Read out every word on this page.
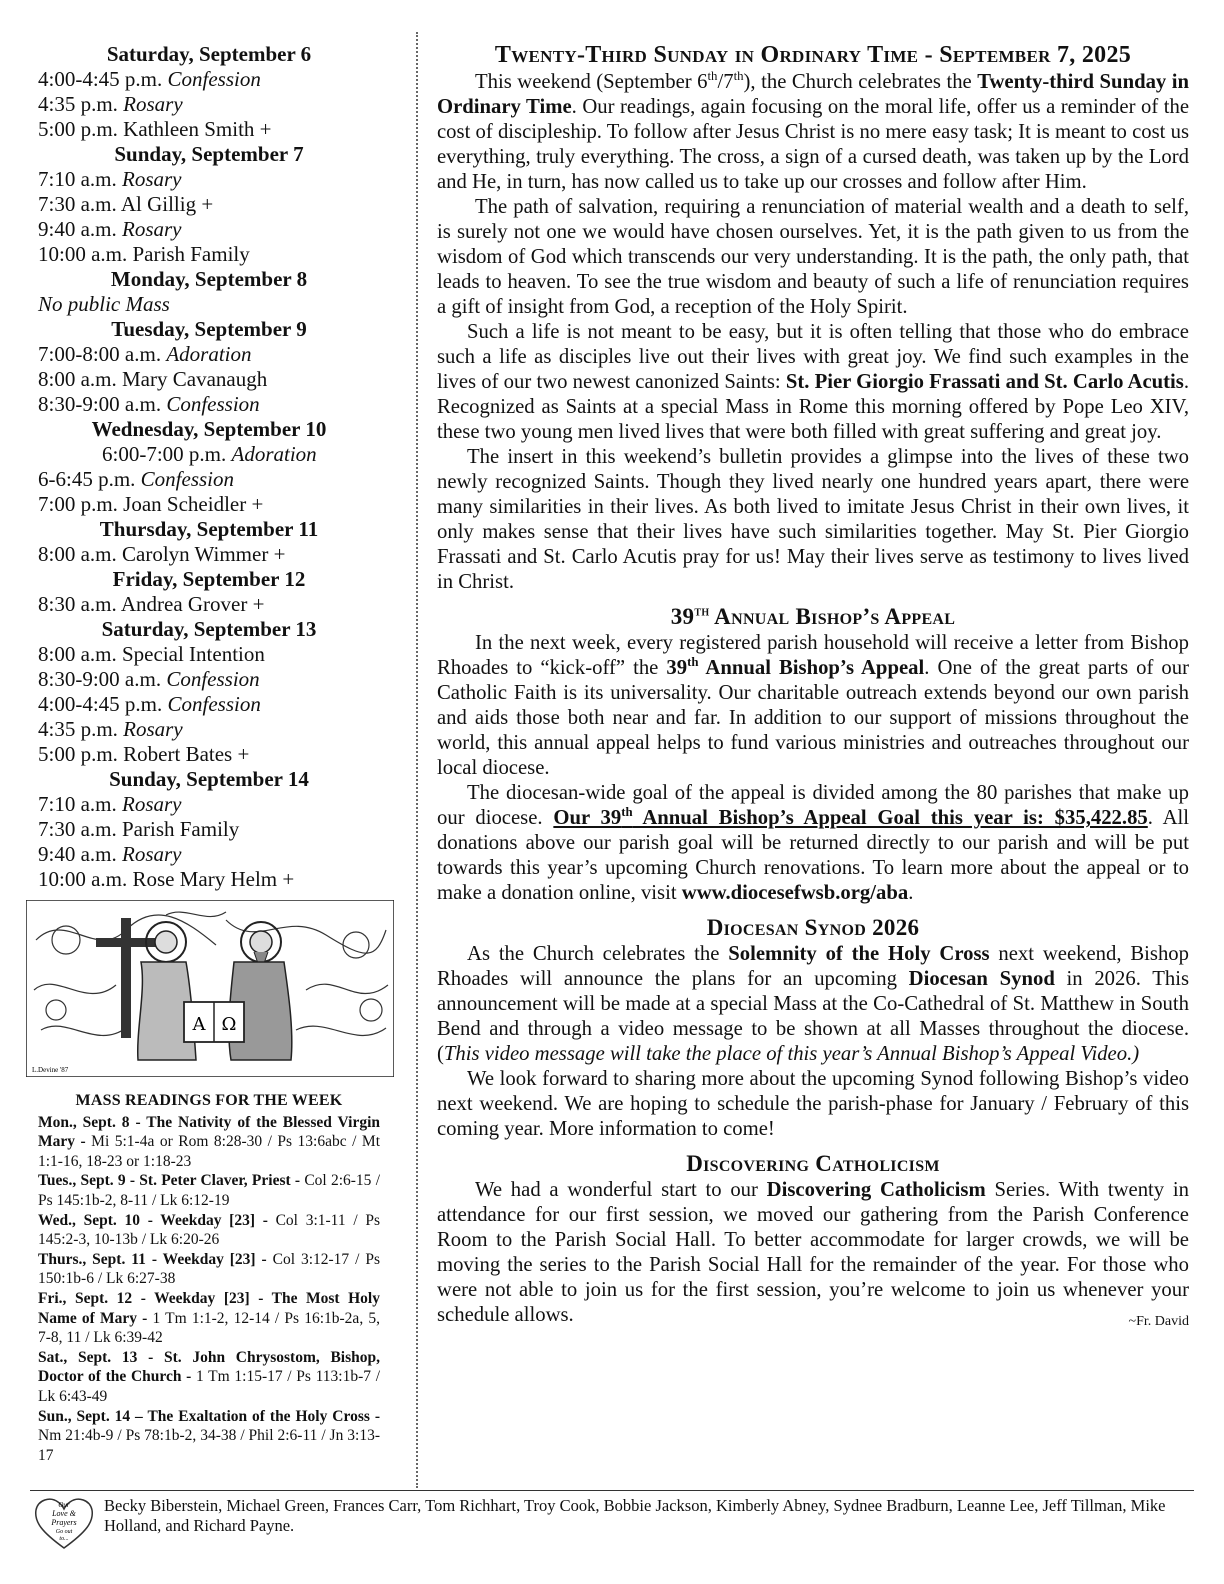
Saturday, September 6
4:00-4:45 p.m. Confession
4:35 p.m. Rosary
5:00 p.m. Kathleen Smith +
Sunday, September 7
7:10 a.m. Rosary
7:30 a.m. Al Gillig +
9:40 a.m. Rosary
10:00 a.m. Parish Family
Monday, September 8
No public Mass
Tuesday, September 9
7:00-8:00 a.m. Adoration
8:00 a.m. Mary Cavanaugh
8:30-9:00 a.m. Confession
Wednesday, September 10
6:00-7:00 p.m. Adoration
6-6:45 p.m. Confession
7:00 p.m. Joan Scheidler +
Thursday, September 11
8:00 a.m. Carolyn Wimmer +
Friday, September 12
8:30 a.m. Andrea Grover +
Saturday, September 13
8:00 a.m. Special Intention
8:30-9:00 a.m. Confession
4:00-4:45 p.m. Confession
4:35 p.m. Rosary
5:00 p.m. Robert Bates +
Sunday, September 14
7:10 a.m. Rosary
7:30 a.m. Parish Family
9:40 a.m. Rosary
10:00 a.m. Rose Mary Helm +
Α Ω
L.Devine '87
MASS READINGS FOR THE WEEK
Mon., Sept. 8 - The Nativity of the Blessed Virgin Mary - Mi 5:1-4a or Rom 8:28-30 / Ps 13:6abc / Mt 1:1-16, 18-23 or 1:18-23
Tues., Sept. 9 - St. Peter Claver, Priest - Col 2:6-15 / Ps 145:1b-2, 8-11 / Lk 6:12-19
Wed., Sept. 10 - Weekday [23] - Col 3:1-11 / Ps 145:2-3, 10-13b / Lk 6:20-26
Thurs., Sept. 11 - Weekday [23] - Col 3:12-17 / Ps 150:1b-6 / Lk 6:27-38
Fri., Sept. 12 - Weekday [23] - The Most Holy Name of Mary - 1 Tm 1:1-2, 12-14 / Ps 16:1b-2a, 5, 7-8, 11 / Lk 6:39-42
Sat., Sept. 13 - St. John Chrysostom, Bishop, Doctor of the Church - 1 Tm 1:15-17 / Ps 113:1b-7 / Lk 6:43-49
Sun., Sept. 14 – The Exaltation of the Holy Cross - Nm 21:4b-9 / Ps 78:1b-2, 34-38 / Phil 2:6-11 / Jn 3:13-17
Twenty-Third Sunday in Ordinary Time - September 7, 2025
This weekend (September 6th/7th), the Church celebrates the Twenty-third Sunday in Ordinary Time. Our readings, again focusing on the moral life, offer us a reminder of the cost of discipleship. To follow after Jesus Christ is no mere easy task; It is meant to cost us everything, truly everything. The cross, a sign of a cursed death, was taken up by the Lord and He, in turn, has now called us to take up our crosses and follow after Him.
The path of salvation, requiring a renunciation of material wealth and a death to self, is surely not one we would have chosen ourselves. Yet, it is the path given to us from the wisdom of God which transcends our very understanding. It is the path, the only path, that leads to heaven. To see the true wisdom and beauty of such a life of renunciation requires a gift of insight from God, a reception of the Holy Spirit.
Such a life is not meant to be easy, but it is often telling that those who do embrace such a life as disciples live out their lives with great joy. We find such examples in the lives of our two newest canonized Saints: St. Pier Giorgio Frassati and St. Carlo Acutis. Recognized as Saints at a special Mass in Rome this morning offered by Pope Leo XIV, these two young men lived lives that were both filled with great suffering and great joy.
The insert in this weekend’s bulletin provides a glimpse into the lives of these two newly recognized Saints. Though they lived nearly one hundred years apart, there were many similarities in their lives. As both lived to imitate Jesus Christ in their own lives, it only makes sense that their lives have such similarities together. May St. Pier Giorgio Frassati and St. Carlo Acutis pray for us! May their lives serve as testimony to lives lived in Christ.
39th Annual Bishop’s Appeal
In the next week, every registered parish household will receive a letter from Bishop Rhoades to “kick-off” the 39th Annual Bishop’s Appeal. One of the great parts of our Catholic Faith is its universality. Our charitable outreach extends beyond our own parish and aids those both near and far. In addition to our support of missions throughout the world, this annual appeal helps to fund various ministries and outreaches throughout our local diocese.
The diocesan-wide goal of the appeal is divided among the 80 parishes that make up our diocese. Our 39th Annual Bishop’s Appeal Goal this year is: $35,422.85. All donations above our parish goal will be returned directly to our parish and will be put towards this year’s upcoming Church renovations. To learn more about the appeal or to make a donation online, visit www.diocesefwsb.org/aba.
Diocesan Synod 2026
As the Church celebrates the Solemnity of the Holy Cross next weekend, Bishop Rhoades will announce the plans for an upcoming Diocesan Synod in 2026. This announcement will be made at a special Mass at the Co-Cathedral of St. Matthew in South Bend and through a video message to be shown at all Masses throughout the diocese. (This video message will take the place of this year’s Annual Bishop’s Appeal Video.)
We look forward to sharing more about the upcoming Synod following Bishop’s video next weekend. We are hoping to schedule the parish-phase for January / February of this coming year. More information to come!
Discovering Catholicism
We had a wonderful start to our Discovering Catholicism Series. With twenty in attendance for our first session, we moved our gathering from the Parish Conference Room to the Parish Social Hall. To better accommodate for larger crowds, we will be moving the series to the Parish Social Hall for the remainder of the year. For those who were not able to join us for the first session, you’re welcome to join us whenever your schedule allows.	~Fr. David
Our
Love &
Prayers
Go out
to...
Becky Biberstein, Michael Green, Frances Carr, Tom Richhart, Troy Cook, Bobbie Jackson, Kimberly Abney, Sydnee Bradburn, Leanne Lee, Jeff Tillman, Mike Holland, and Richard Payne.
